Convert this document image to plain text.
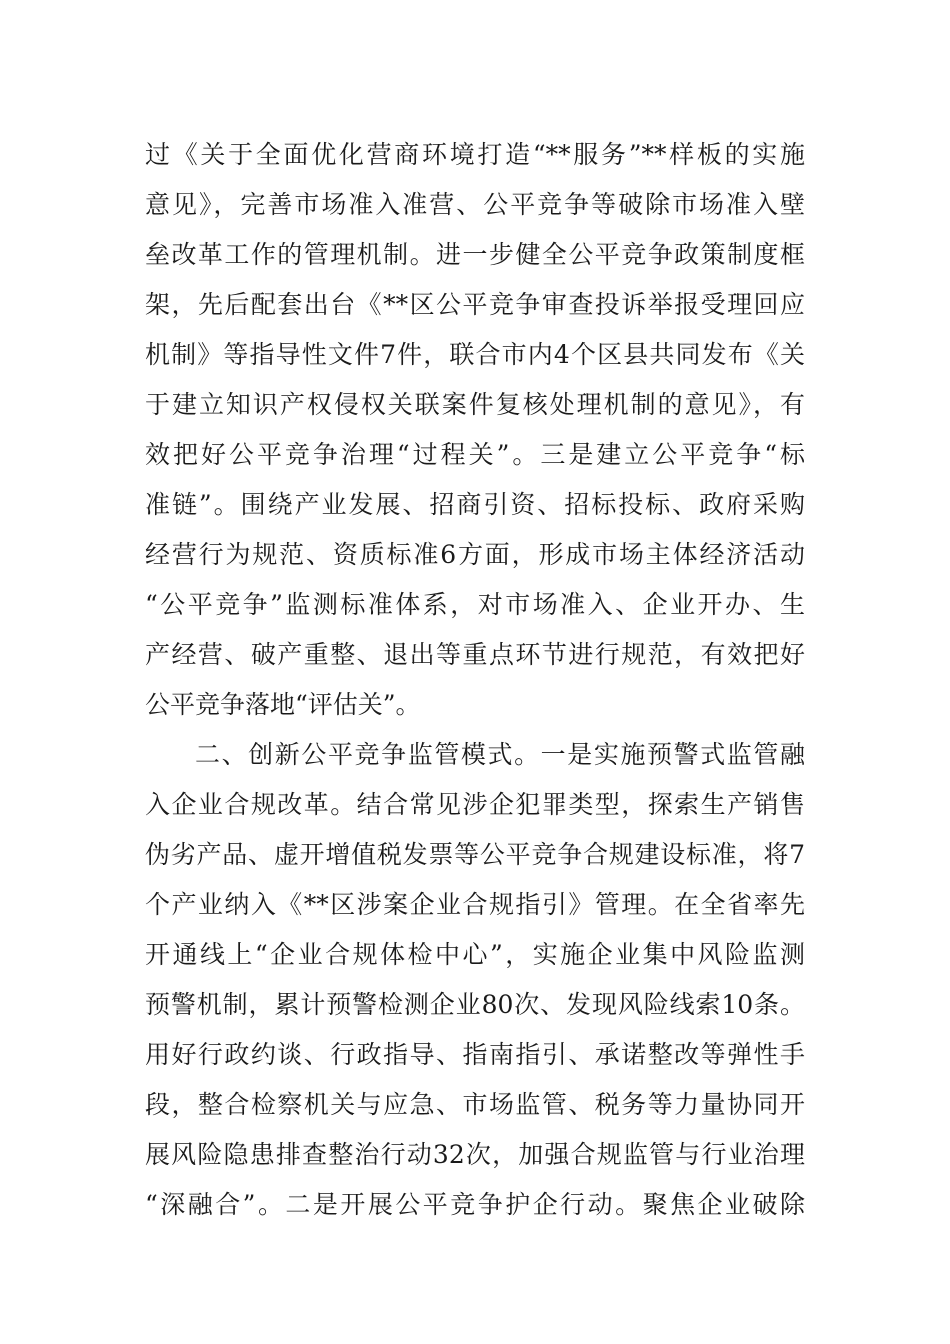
过《关于全面优化营商环境打造“**服务”**样板的实施
意见》，完善市场准入准营、公平竞争等破除市场准入壁
垒改革工作的管理机制。进一步健全公平竞争政策制度框
架，先后配套出台《**区公平竞争审查投诉举报受理回应
机制》等指导性文件7件，联合市内4个区县共同发布《关
于建立知识产权侵权关联案件复核处理机制的意见》，有
效把好公平竞争治理“过程关”。三是建立公平竞争“标
准链”。围绕产业发展、招商引资、招标投标、政府采购
经营行为规范、资质标准6方面，形成市场主体经济活动
“公平竞争”监测标准体系，对市场准入、企业开办、生
产经营、破产重整、退出等重点环节进行规范，有效把好
公平竞争落地“评估关”。
二、创新公平竞争监管模式。一是实施预警式监管融
入企业合规改革。结合常见涉企犯罪类型，探索生产销售
伪劣产品、虚开增值税发票等公平竞争合规建设标准，将7
个产业纳入《**区涉案企业合规指引》管理。在全省率先
开通线上“企业合规体检中心”，实施企业集中风险监测
预警机制，累计预警检测企业80次、发现风险线索10条。
用好行政约谈、行政指导、指南指引、承诺整改等弹性手
段，整合检察机关与应急、市场监管、税务等力量协同开
展风险隐患排查整治行动32次，加强合规监管与行业治理
“深融合”。二是开展公平竞争护企行动。聚焦企业破除
